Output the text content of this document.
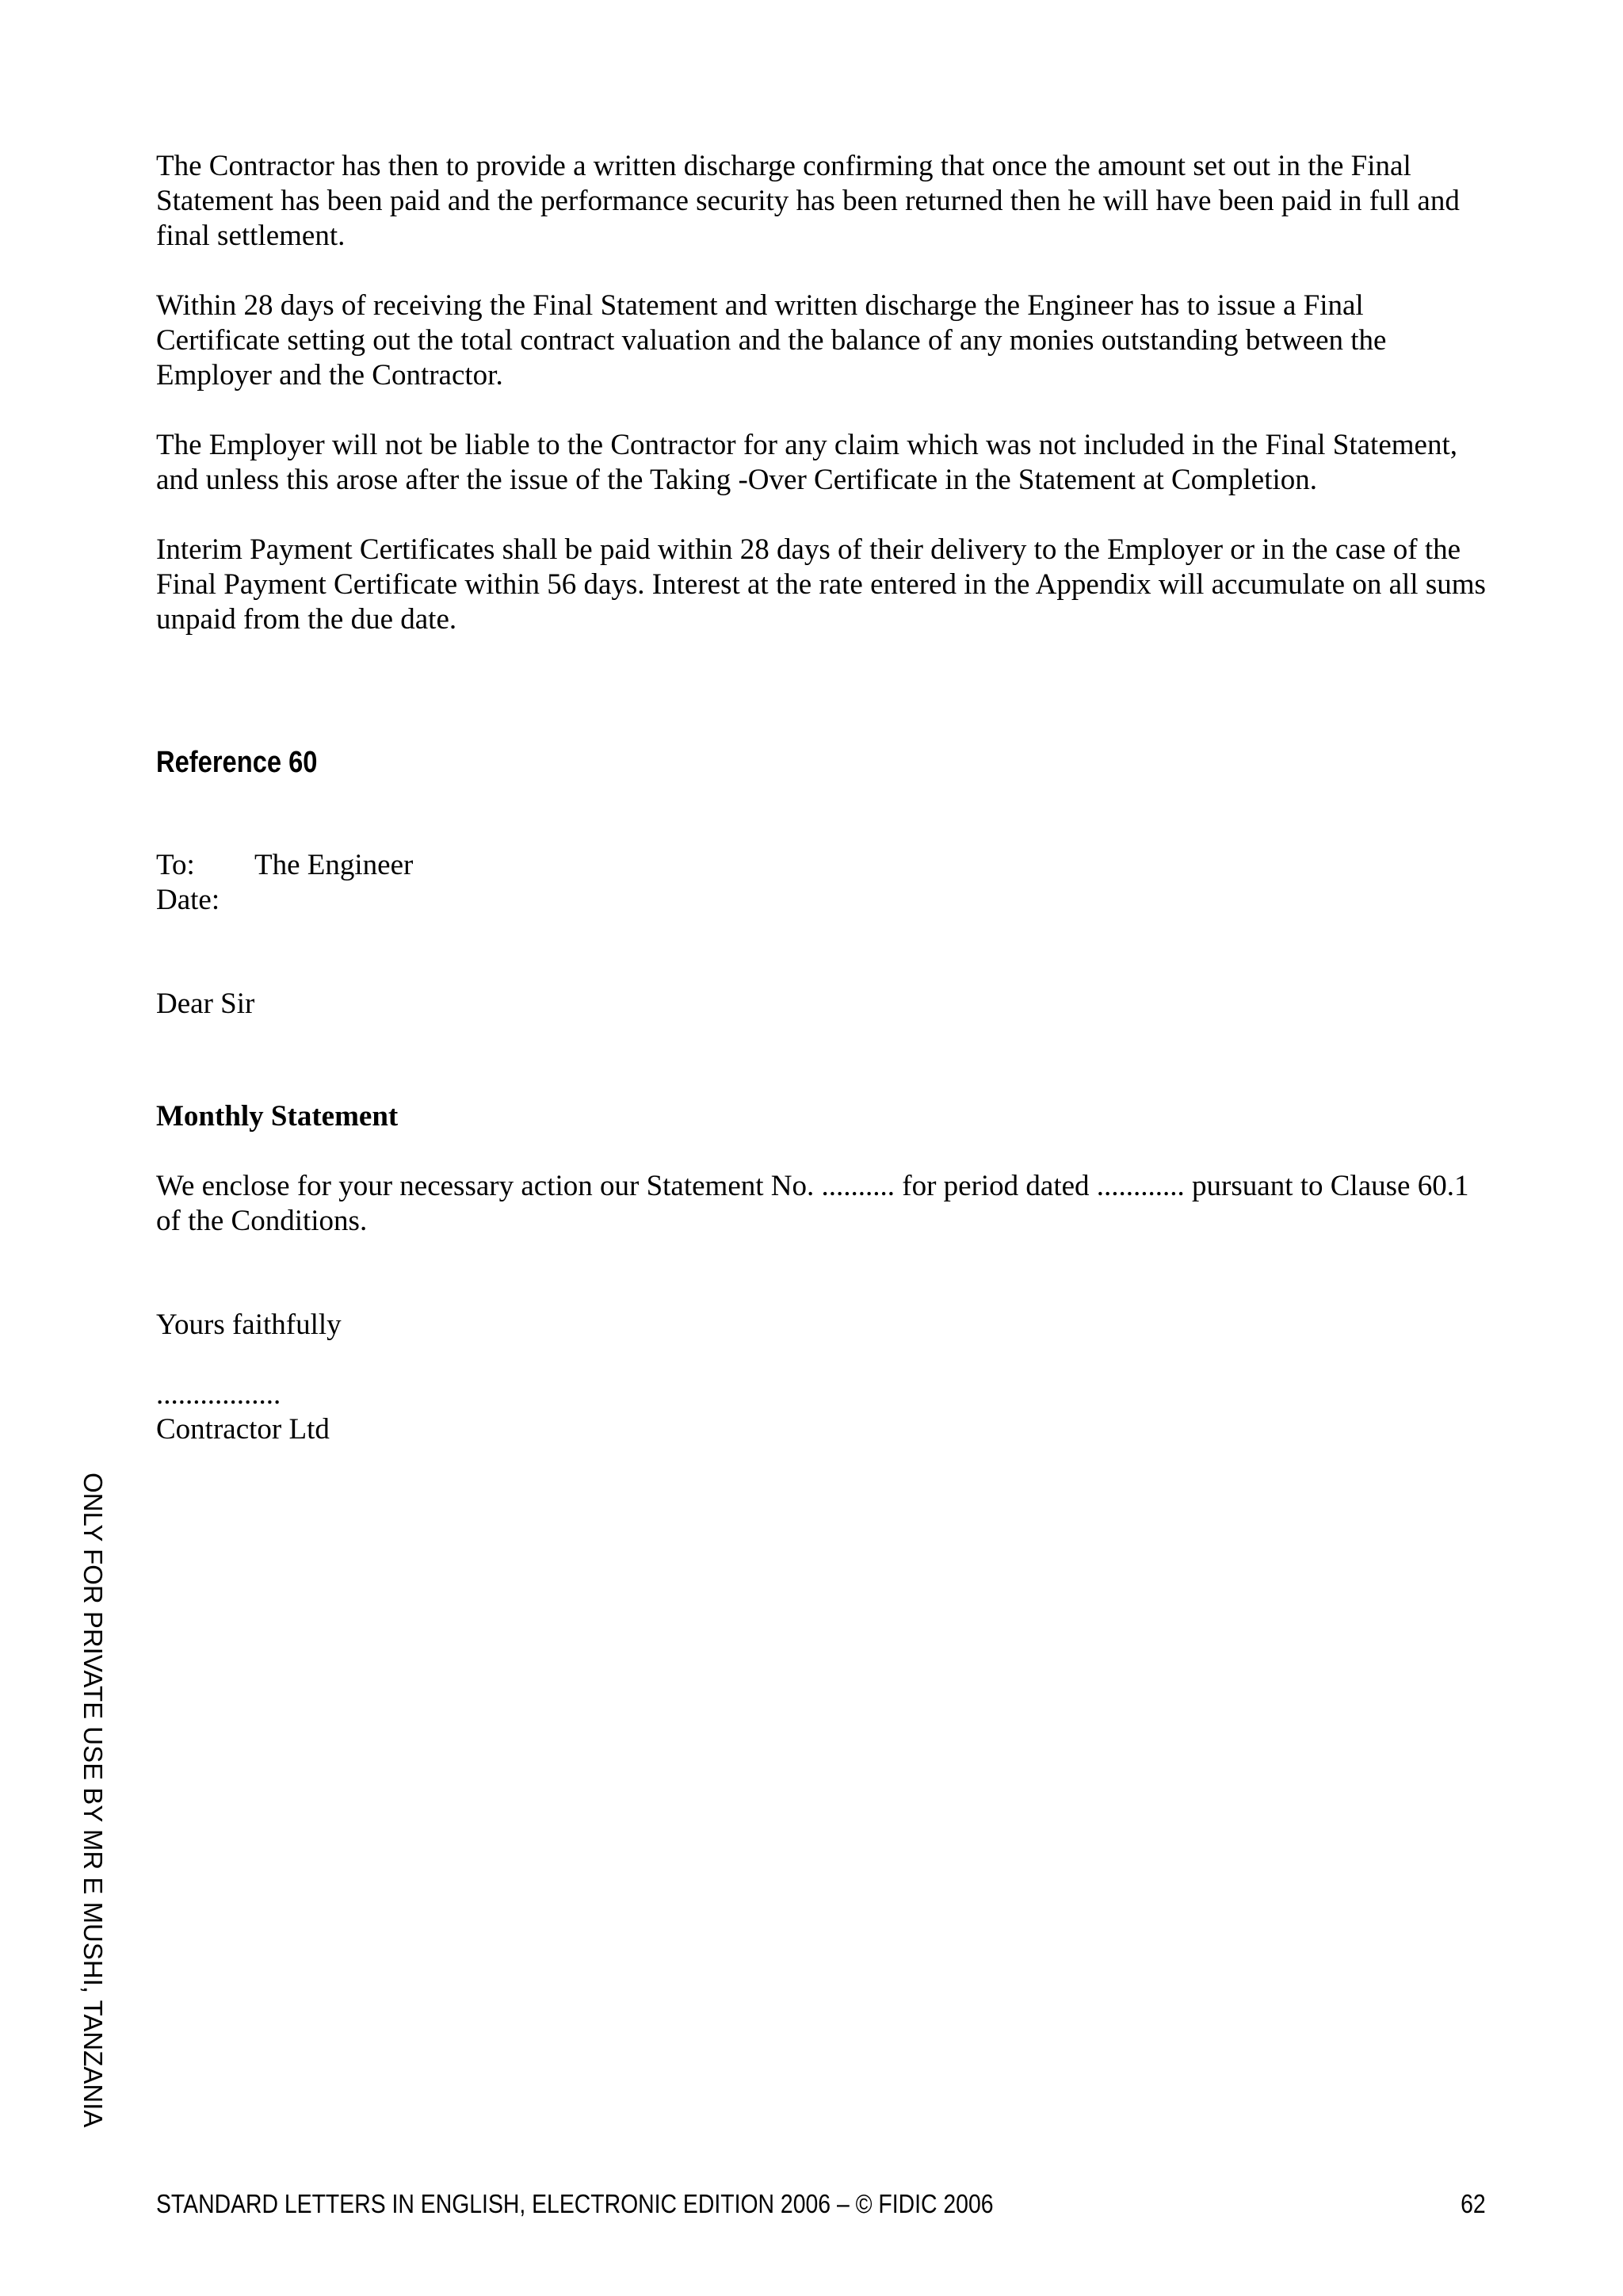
The Contractor has then to provide a written discharge confirming that once the amount set out in the Final Statement has been paid and the performance security has been returned then he will have been paid in full and final settlement.

Within 28 days of receiving the Final Statement and written discharge the Engineer has to issue a Final Certificate setting out the total contract valuation and the balance of any monies outstanding between the Employer and the Contractor.

The Employer will not be liable to the Contractor for any claim which was not included in the Final Statement, and unless this arose after the issue of the Taking -Over Certificate in the Statement at Completion.

Interim Payment Certificates shall be paid within 28 days of their delivery to the Employer or in the case of the Final Payment Certificate within 56 days. Interest at the rate entered in the Appendix will accumulate on all sums unpaid from the due date.

Reference 60
To: The Engineer
Date:
Dear Sir
Monthly Statement
We enclose for your necessary action our Statement No. .......... for period dated ............ pursuant to Clause 60.1 of the Conditions.
Yours faithfully
.................
Contractor Ltd
ONLY FOR PRIVATE USE BY MR E MUSHI, TANZANIA
STANDARD LETTERS IN ENGLISH, ELECTRONIC EDITION 2006 – © FIDIC 2006	62
